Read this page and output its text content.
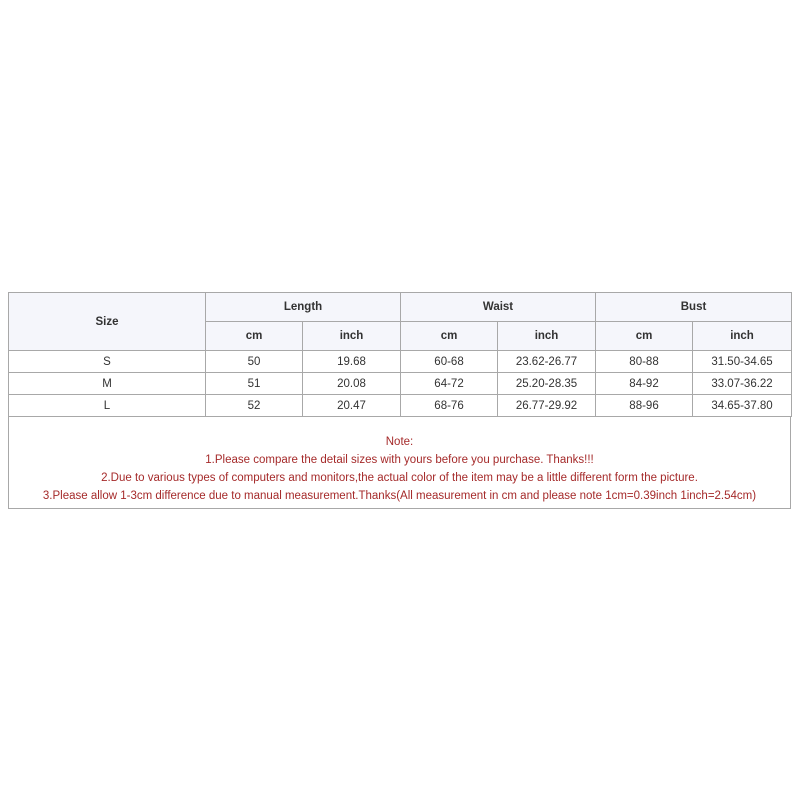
Size	Length		Waist		Bust	
	cm	inch	cm	inch	cm	inch
S	50	19.68	60-68	23.62-26.77	80-88	31.50-34.65
M	51	20.08	64-72	25.20-28.35	84-92	33.07-36.22
L	52	20.47	68-76	26.77-29.92	88-96	34.65-37.80
Note:
1.Please compare the detail sizes with yours before you purchase. Thanks!!!
2.Due to various types of computers and monitors,the actual color of the item may be a little different form the picture.
3.Please allow 1-3cm difference due to manual measurement.Thanks(All measurement in cm and please note 1cm=0.39inch 1inch=2.54cm)
